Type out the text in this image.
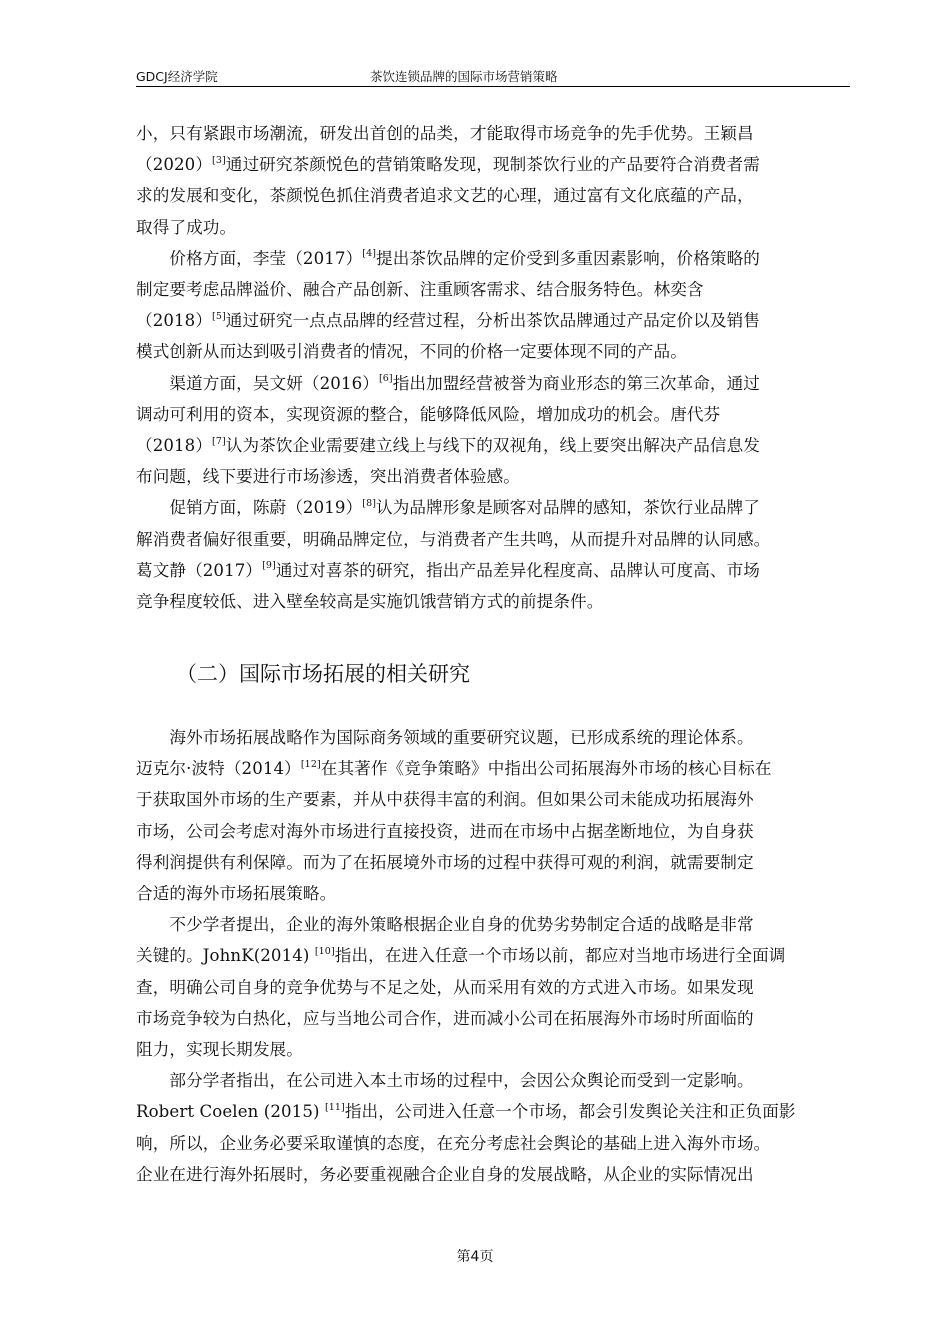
GDCJ经济学院	茶饮连锁品牌的国际市场营销策略
小，只有紧跟市场潮流，研发出首创的品类，才能取得市场竞争的先手优势。王颖昌
（2020）[3]通过研究茶颜悦色的营销策略发现，现制茶饮行业的产品要符合消费者需
求的发展和变化，茶颜悦色抓住消费者追求文艺的心理，通过富有文化底蕴的产品，
取得了成功。
　　价格方面，李莹（2017）[4]提出茶饮品牌的定价受到多重因素影响，价格策略的
制定要考虑品牌溢价、融合产品创新、注重顾客需求、结合服务特色。林奕含
（2018）[5]通过研究一点点品牌的经营过程，分析出茶饮品牌通过产品定价以及销售
模式创新从而达到吸引消费者的情况，不同的价格一定要体现不同的产品。
　　渠道方面，吴文妍（2016）[6]指出加盟经营被誉为商业形态的第三次革命，通过
调动可利用的资本，实现资源的整合，能够降低风险，增加成功的机会。唐代芬
（2018）[7]认为茶饮企业需要建立线上与线下的双视角，线上要突出解决产品信息发
布问题，线下要进行市场渗透，突出消费者体验感。
　　促销方面，陈蔚（2019）[8]认为品牌形象是顾客对品牌的感知，茶饮行业品牌了
解消费者偏好很重要，明确品牌定位，与消费者产生共鸣，从而提升对品牌的认同感。
葛文静（2017）[9]通过对喜茶的研究，指出产品差异化程度高、品牌认可度高、市场
竞争程度较低、进入壁垒较高是实施饥饿营销方式的前提条件。
（二）国际市场拓展的相关研究
　　海外市场拓展战略作为国际商务领域的重要研究议题，已形成系统的理论体系。
迈克尔·波特（2014）[12]在其著作《竞争策略》中指出公司拓展海外市场的核心目标在
于获取国外市场的生产要素，并从中获得丰富的利润。但如果公司未能成功拓展海外
市场，公司会考虑对海外市场进行直接投资，进而在市场中占据垄断地位，为自身获
得利润提供有利保障。而为了在拓展境外市场的过程中获得可观的利润，就需要制定
合适的海外市场拓展策略。
　　不少学者提出，企业的海外策略根据企业自身的优势劣势制定合适的战略是非常
关键的。JohnK(2014) [10]指出，在进入任意一个市场以前，都应对当地市场进行全面调
查，明确公司自身的竞争优势与不足之处，从而采用有效的方式进入市场。如果发现
市场竞争较为白热化，应与当地公司合作，进而减小公司在拓展海外市场时所面临的
阻力，实现长期发展。
　　部分学者指出，在公司进入本土市场的过程中，会因公众舆论而受到一定影响。
Robert Coelen (2015) [11]指出，公司进入任意一个市场，都会引发舆论关注和正负面影
响，所以，企业务必要采取谨慎的态度，在充分考虑社会舆论的基础上进入海外市场。
企业在进行海外拓展时，务必要重视融合企业自身的发展战略，从企业的实际情况出
第4页
